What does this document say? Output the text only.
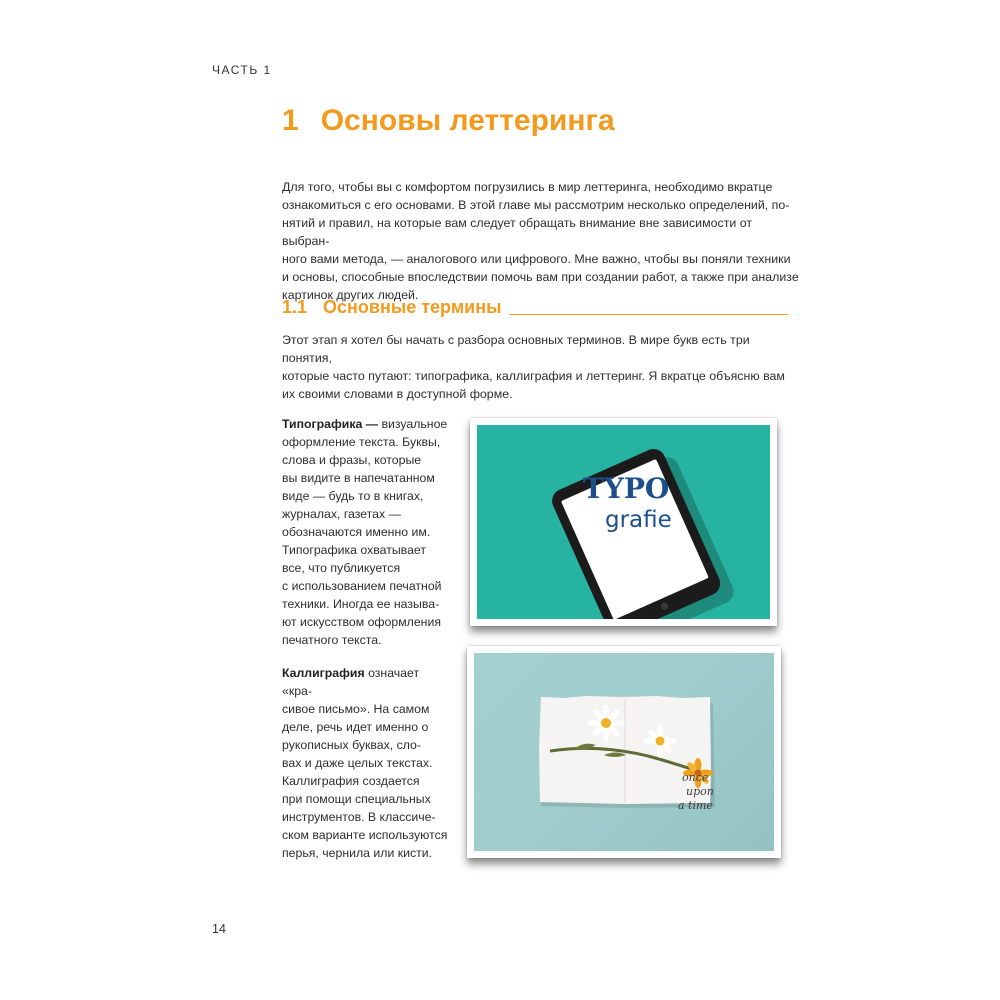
ЧАСТЬ 1
1 Основы леттеринга

Для того, чтобы вы с комфортом погрузились в мир леттеринга, необходимо вкратце
ознакомиться с его основами. В этой главе мы рассмотрим несколько определений, по-
нятий и правил, на которые вам следует обращать внимание вне зависимости от выбран-
ного вами метода, — аналогового или цифрового. Мне важно, чтобы вы поняли техники
и основы, способные впоследствии помочь вам при создании работ, а также при анализе
картинок других людей.

1.1 Основные термины

Этот этап я хотел бы начать с разбора основных терминов. В мире букв есть три понятия,
которые часто путают: типографика, каллиграфия и леттеринг. Я вкратце объясню вам
их своими словами в доступной форме.

Типографика — визуальное
оформление текста. Буквы,
слова и фразы, которые
вы видите в напечатанном
виде — будь то в книгах,
журналах, газетах —
обозначаются именно им.
Типографика охватывает
все, что публикуется
с использованием печатной
техники. Иногда ее называ-
ют искусством оформления
печатного текста.
TYPO
grafie
Каллиграфия означает «кра-
сивое письмо». На самом
деле, речь идет именно о
рукописных буквах, сло-
вах и даже целых текстах.
Каллиграфия создается
при помощи специальных
инструментов. В классиче-
ском варианте используются
перья, чернила или кисти.
once
upon
a time
14
